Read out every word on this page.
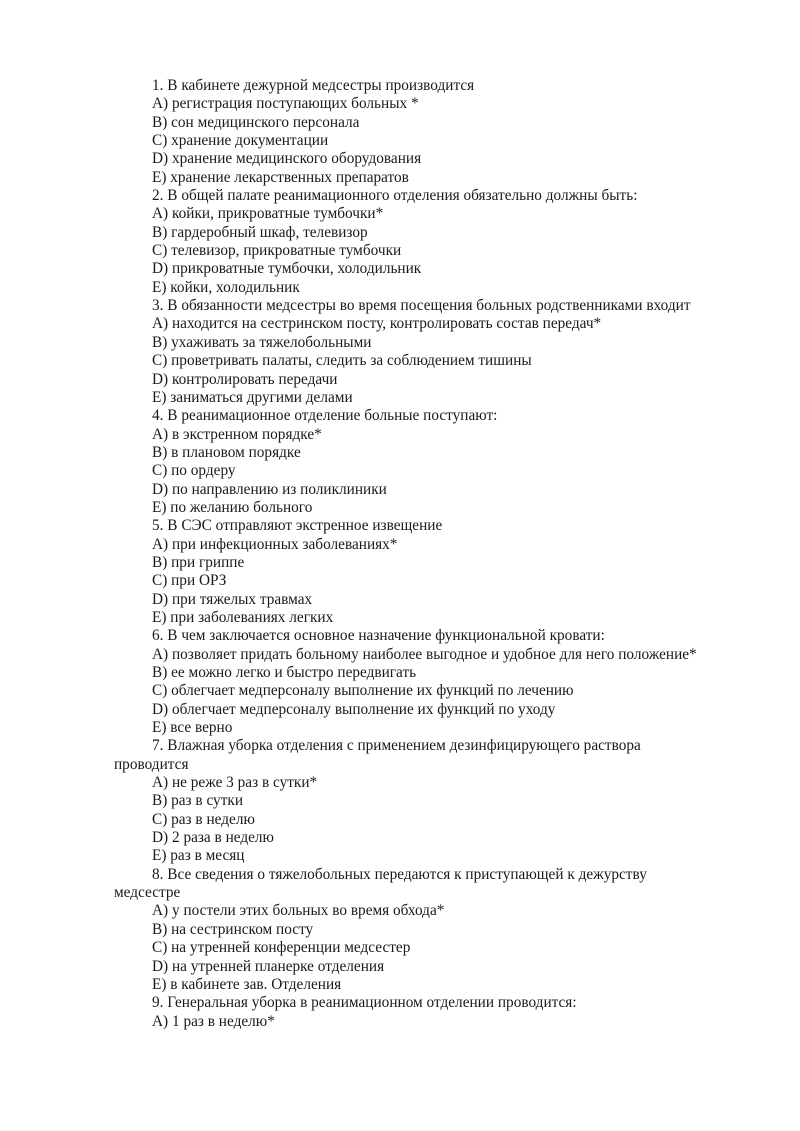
1. В кабинете дежурной медсестры производится
А) регистрация поступающих больных *
В) сон медицинского персонала
С) хранение документации
D) хранение медицинского оборудования
Е) хранение лекарственных препаратов
2. В общей палате реанимационного отделения обязательно должны быть:
А) койки, прикроватные тумбочки*
В) гардеробный шкаф, телевизор
С) телевизор, прикроватные тумбочки
D) прикроватные тумбочки, холодильник
Е) койки, холодильник
3. В обязанности медсестры во время посещения больных родственниками входит
А) находится на сестринском посту, контролировать состав передач*
В) ухаживать за тяжелобольными
С) проветривать палаты, следить за соблюдением тишины
D) контролировать передачи
Е) заниматься другими делами
4. В реанимационное отделение больные поступают:
А) в экстренном порядке*
В) в плановом порядке
С) по ордеру
D) по направлению из поликлиники
Е) по желанию больного
5. В СЭС отправляют экстренное извещение
А) при инфекционных заболеваниях*
В) при гриппе
С) при ОРЗ
D) при тяжелых травмах
Е) при заболеваниях легких
6. В чем заключается основное назначение функциональной кровати:
А) позволяет придать больному наиболее выгодное и удобное для него положение*
В) ее можно легко и быстро передвигать
С) облегчает медперсоналу выполнение их функций по лечению
D) облегчает медперсоналу выполнение их функций по уходу
Е) все верно
7. Влажная уборка отделения с применением дезинфицирующего раствора
проводится
А) не реже 3 раз в сутки*
В) раз в сутки
С) раз в неделю
D) 2 раза в неделю
Е) раз в месяц
8. Все сведения о тяжелобольных передаются к приступающей к дежурству
медсестре
А) у постели этих больных во время обхода*
В) на сестринском посту
С) на утренней конференции медсестер
D) на утренней планерке отделения
Е) в кабинете зав. Отделения
9. Генеральная уборка в реанимационном отделении проводится:
А) 1 раз в неделю*
